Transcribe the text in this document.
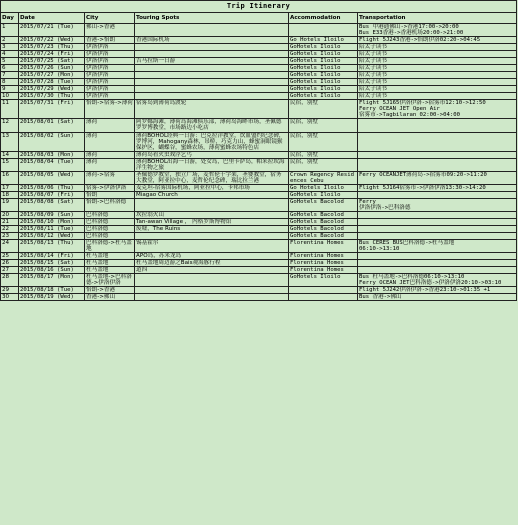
Trip Itinerary					
Day	Date	City	Touring Spots	Accommodation	Transportation
1	2015/07/21 (Tue)	佛山->香港			Bus 中港通佛山->香港17:00->20:00
Bus E33香港->香港机场20:00->21:00
2	2015/07/22 (Wed)	香港->怡朗	香港国际机场	Go Hotels Iloilo	Flight 5J243香港->怡朗伊洛02:20->04:45
3	2015/07/23 (Thu)	伊洛伊洛		GoHotels Iloilo	陪太子读书
4	2015/07/24 (Fri)	伊洛伊洛		GoHotels Iloilo	陪太子读书
5	2015/07/25 (Sat)	伊洛伊洛	吉马拉斯一日游	GoHotels Iloilo	陪太子读书
6	2015/07/26 (Sun)	伊洛伊洛		GoHotels Iloilo	陪太子读书
7	2015/07/27 (Mon)	伊洛伊洛		GoHotels Iloilo	陪太子读书
8	2015/07/28 (Tue)	伊洛伊洛		GoHotels Iloilo	陪太子读书
9	2015/07/29 (Wed)	伊洛伊洛		GoHotels Iloilo	陪太子读书
10	2015/07/30 (Thu)	伊洛伊洛		GoHotels Iloilo	陪太子读书
11	2015/07/31 (Fri)	怡朗->宿雾->薄荷	宿雾岛到薄荷岛渡轮	民宿，别墅	Flight 5J165伊洛伊洛->宿雾市12:10->12:50
Ferry OCEAN JET Open Air
宿雾市->Tagbilaran 02:00->04:00
12	2015/08/01 (Sat)	薄荷	阿罗娜海滩，薄荷岛海滩俱乐部，薄荷岛海畔市场，圣佩德罗罗博教堂，市场路边小吃店	民宿，别墅	
13	2015/08/02 (Sun)	薄荷	薄荷BOHOL经典一日游：巴克拉洋教堂，饮血盟约纪念碑，罗博河，Mahogany森林，吊桥，巧克力山，蜂蜜洞眼镜猴保护区，蝴蝶谷，蜜蜂农场，薄荷蜜蜂农场特色店	民宿，别墅	
14	2015/08/03 (Mon)	薄荷	薄荷岛看火虫戏浮乞丐	民宿，别墅	
15	2015/08/04 (Tue)	薄荷	薄荷BOHOL出海一日游，处女岛，巴里卡萨岛，帕米拉坎海洋生物之旅	民宿，别墅	
16	2015/08/05 (Wed)	薄荷->宿雾	圣佩德罗教堂，独立广场，麦哲伦十字架，圣婴教堂，宿务大教堂，阿亚拉中心，麦哲伦纪念碑，瑞比拉兰港	Crown Regency Residences Cebu	Ferry OCEANJET薄荷岛->宿雾市09:20->11:20
17	2015/08/06 (Thu)	宿雾->伊洛伊洛	麦克坦-宿雾国际机场，阿亚拉中心，卡邦市场	Go Hotels Iloilo	Flight 5J164宿雾市->伊洛伊洛13:30->14:20
18	2015/08/07 (Fri)	怡朗	Miagao Church	GoHotels Iloilo	
19	2015/08/08 (Sat)	怡朗->巴科洛德		GoHotels Bacolod	Ferry
伊洛伊洛->巴科洛德
20	2015/08/09 (Sun)	巴科洛德	坎拉翁火山	GoHotels Bacolod	
21	2015/08/10 (Mon)	巴科洛德	Tan-awan Village ， 内格罗斯博物馆	GoHotels Bacolod	
22	2015/08/11 (Tue)	巴科洛德	废墟，The Ruins	GoHotels Bacolod	
23	2015/08/12 (Wed)	巴科洛德		GoHotels Bacolod	
24	2015/08/13 (Thu)	巴科洛德->杜马盖地	锡基霍尔	Florentina Homes	Bus CERES BUS巴科洛德->杜马盖地
06:10->13:10
25	2015/08/14 (Fri)	杜马盖地	APO岛，苏米龙岛	Florentina Homes	
26	2015/08/15 (Sat)	杜马盖地	杜马盖地周边游之Bais观海豚行程	Florentina Homes	
27	2015/08/16 (Sun)	杜马盖地	道四	Florentina Homes	
28	2015/08/17 (Mon)	杜马盖地->巴科洛德->伊洛伊洛		GoHotels Iloilo	Bus 杜马盖地->巴科洛德06:10->13:10
Ferry OCEAN JET巴科洛德->伊洛伊洛20:10->03:10
29	2015/08/18 (Tue)	怡朗->香港			Flight 5J242伊洛伊洛->香港23:10->01:35 +1
30	2015/08/19 (Wed)	香港->佛山			Bus 香港->佛山
